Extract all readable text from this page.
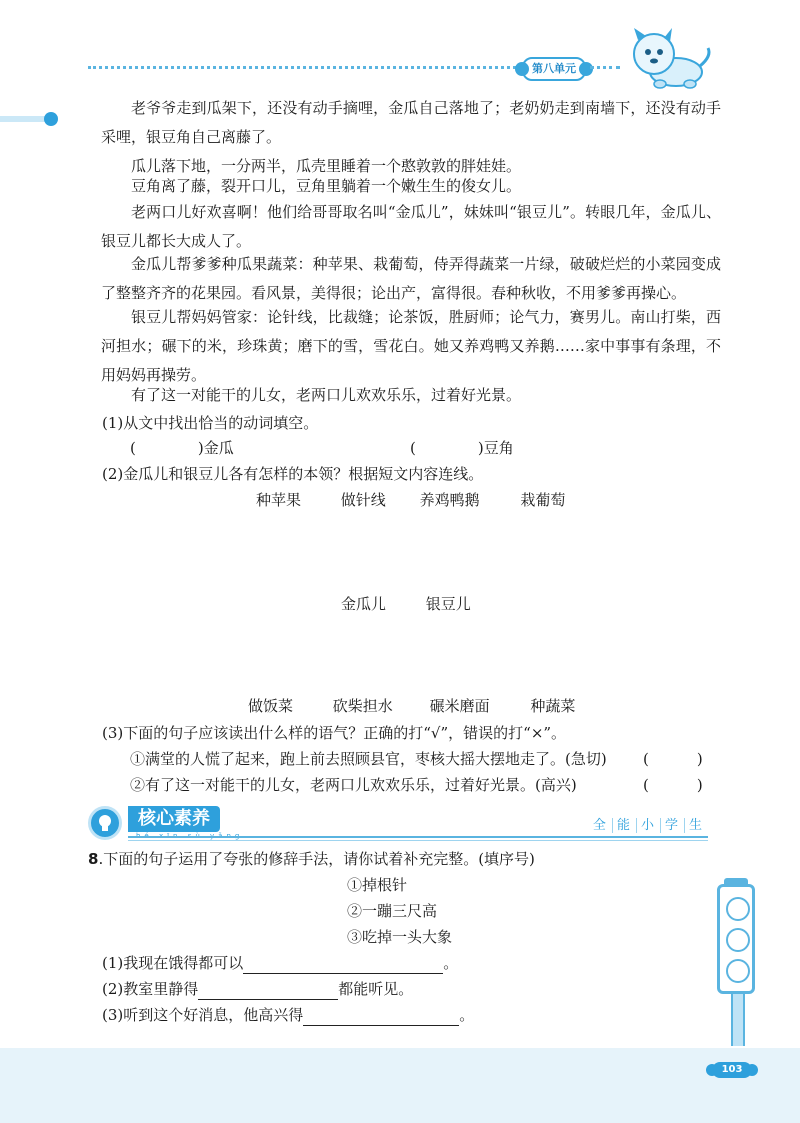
第八单元

老爷爷走到瓜架下，还没有动手摘哩，金瓜自己落地了；老奶奶走到南墙下，还没有动手采哩，银豆角自己离藤了。

瓜儿落下地，一分两半，瓜壳里睡着一个憨敦敦的胖娃娃。

豆角离了藤，裂开口儿，豆角里躺着一个嫩生生的俊女儿。

老两口儿好欢喜啊！他们给哥哥取名叫“金瓜儿”，妹妹叫“银豆儿”。转眼几年，金瓜儿、银豆儿都长大成人了。

金瓜儿帮爹爹种瓜果蔬菜：种苹果、栽葡萄，侍弄得蔬菜一片绿，破破烂烂的小菜园变成了整整齐齐的花果园。看风景，美得很；论出产，富得很。春种秋收，不用爹爹再操心。

银豆儿帮妈妈管家：论针线，比裁缝；论茶饭，胜厨师；论气力，赛男儿。南山打柴，西河担水；碾下的米，珍珠黄；磨下的雪，雪花白。她又养鸡鸭又养鹅……家中事事有条理，不用妈妈再操劳。

有了这一对能干的儿女，老两口儿欢欢乐乐，过着好光景。

(1)从文中找出恰当的动词填空。
(	)金瓜	(	)豆角
(2)金瓜儿和银豆儿各有怎样的本领？根据短文内容连线。
种苹果	做针线 养鸡鸭鹅	栽葡萄
金瓜儿	银豆儿
做饭菜	砍柴担水 碾米磨面	种蔬菜
(3)下面的句子应该读出什么样的语气？正确的打“√”，错误的打“×”。
①满堂的人慌了起来，跑上前去照顾县官，枣核大摇大摆地走了。(急切) (	)
②有了这一对能干的儿女，老两口儿欢欢乐乐，过着好光景。(高兴)	(	)
核心素养	全 能 小 学 生
8.下面的句子运用了夸张的修辞手法，请你试着补充完整。(填序号)
①掉根针
②一蹦三尺高
③吃掉一头大象
(1)我现在饿得都可以	。
(2)教室里静得	都能听见。
(3)听到这个好消息，他高兴得	。
103
